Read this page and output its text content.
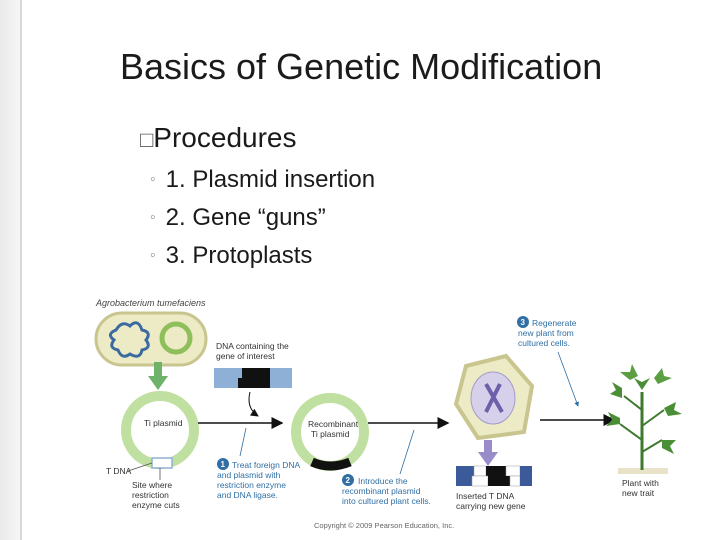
Basics of Genetic Modification
□Procedures
◦ 1. Plasmid insertion
◦ 2. Gene “guns”
◦ 3. Protoplasts
Agrobacterium tumefaciens
Ti plasmid
T DNA
Site where
restriction
enzyme cuts
DNA containing the
gene of interest
Recombinant
Ti plasmid
Inserted T DNA
carrying new gene
Plant with
new trait
3 Regenerate
new plant from
cultured cells.
1 Treat foreign DNA
and plasmid with
restriction enzyme
and DNA ligase.
2 Introduce the
recombinant plasmid
into cultured plant cells.
Copyright © 2009 Pearson Education, Inc.
